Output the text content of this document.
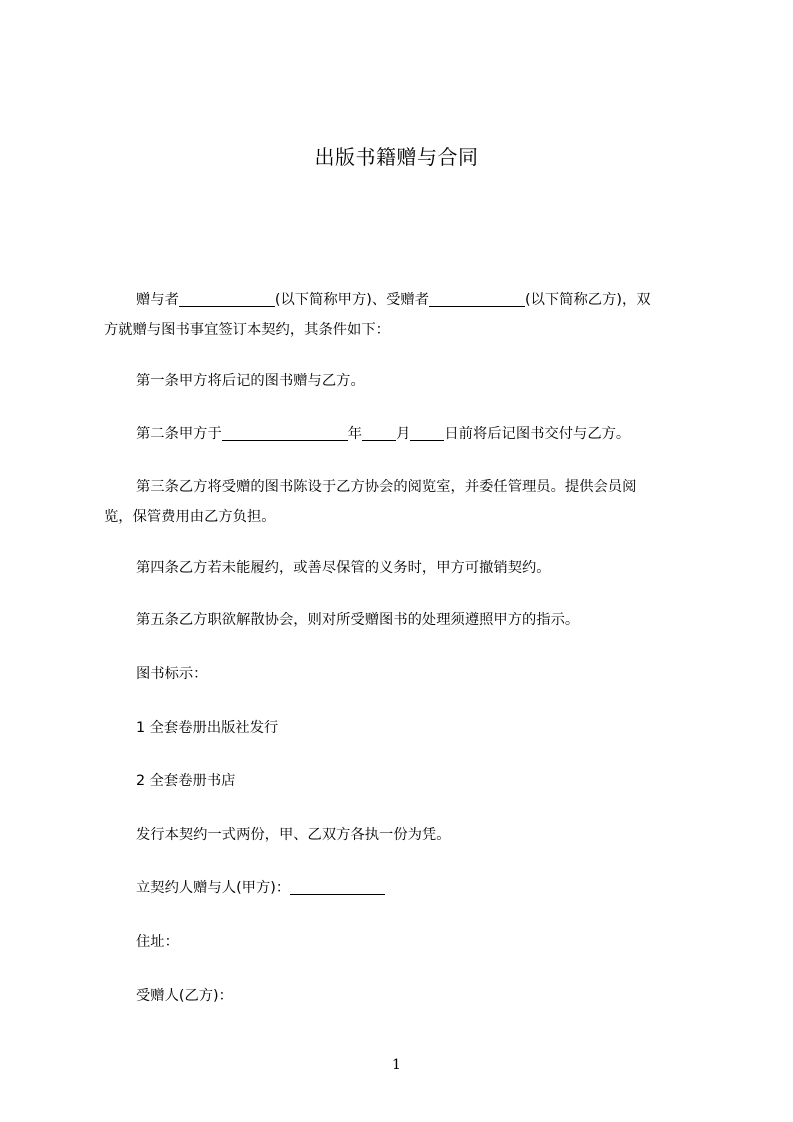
出版书籍赠与合同
赠与者	(以下简称甲方)、受赠者	(以下简称乙方)，双
方就赠与图书事宜签订本契约，其条件如下：
第一条甲方将后记的图书赠与乙方。
第二条甲方于	年 月 日前将后记图书交付与乙方。
第三条乙方将受赠的图书陈设于乙方协会的阅览室，并委任管理员。提供会员阅
览，保管费用由乙方负担。
第四条乙方若未能履约，或善尽保管的义务时，甲方可撤销契约。
第五条乙方职欲解散协会，则对所受赠图书的处理须遵照甲方的指示。
图书标示：
1 全套卷册出版社发行
2 全套卷册书店
发行本契约一式两份，甲、乙双方各执一份为凭。
立契约人赠与人(甲方)：
住址：
受赠人(乙方)：
1
